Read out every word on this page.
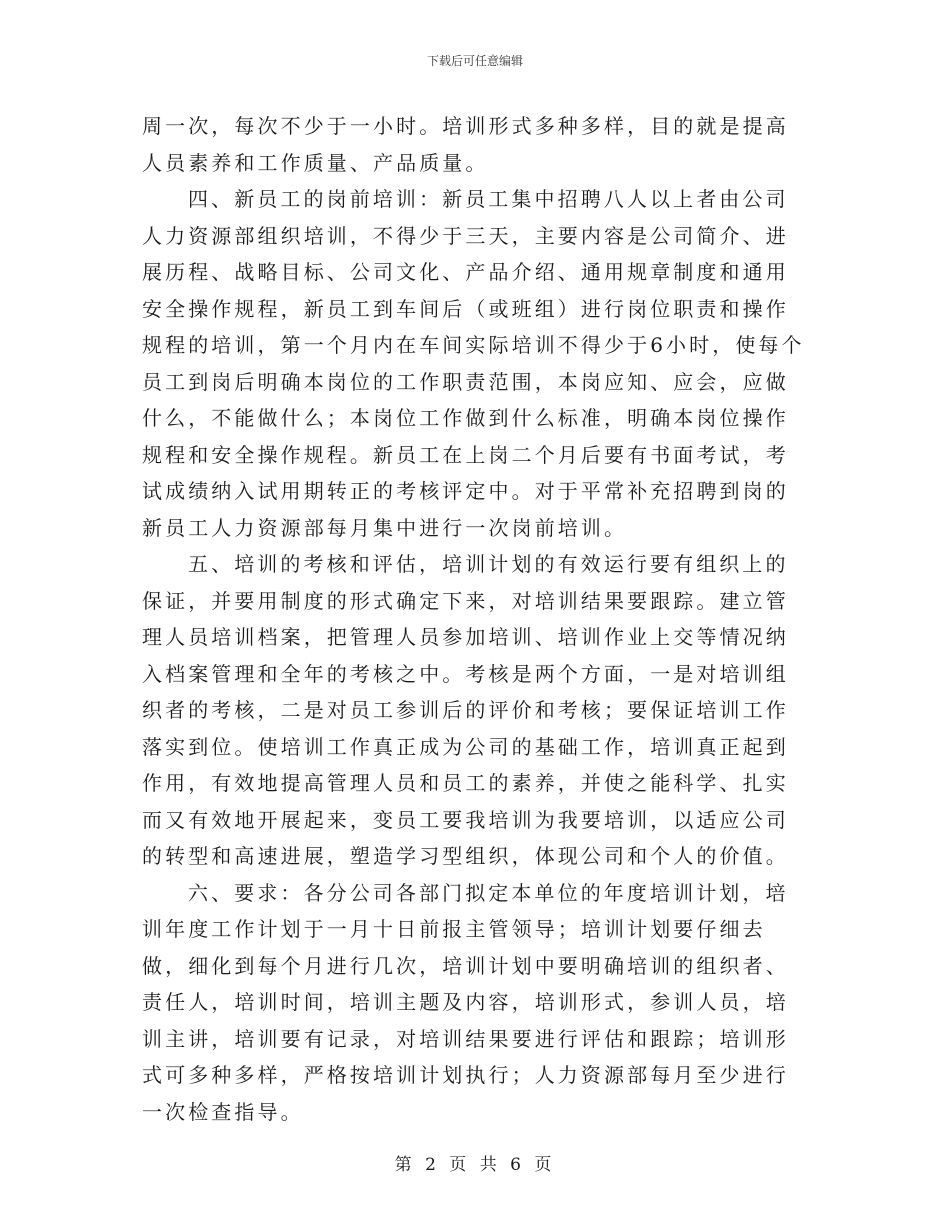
下载后可任意编辑

周一次，每次不少于一小时。培训形式多种多样，目的就是提高人员素养和工作质量、产品质量。

四、新员工的岗前培训：新员工集中招聘八人以上者由公司人力资源部组织培训，不得少于三天，主要内容是公司简介、进展历程、战略目标、公司文化、产品介绍、通用规章制度和通用安全操作规程，新员工到车间后（或班组）进行岗位职责和操作规程的培训，第一个月内在车间实际培训不得少于6小时，使每个员工到岗后明确本岗位的工作职责范围，本岗应知、应会，应做什么，不能做什么；本岗位工作做到什么标准，明确本岗位操作规程和安全操作规程。新员工在上岗二个月后要有书面考试，考试成绩纳入试用期转正的考核评定中。对于平常补充招聘到岗的新员工人力资源部每月集中进行一次岗前培训。

五、培训的考核和评估，培训计划的有效运行要有组织上的保证，并要用制度的形式确定下来，对培训结果要跟踪。建立管理人员培训档案，把管理人员参加培训、培训作业上交等情况纳入档案管理和全年的考核之中。考核是两个方面，一是对培训组织者的考核，二是对员工参训后的评价和考核；要保证培训工作落实到位。使培训工作真正成为公司的基础工作，培训真正起到作用，有效地提高管理人员和员工的素养，并使之能科学、扎实而又有效地开展起来，变员工要我培训为我要培训，以适应公司的转型和高速进展，塑造学习型组织，体现公司和个人的价值。

六、要求：各分公司各部门拟定本单位的年度培训计划，培训年度工作计划于一月十日前报主管领导；培训计划要仔细去做，细化到每个月进行几次，培训计划中要明确培训的组织者、责任人，培训时间，培训主题及内容，培训形式，参训人员，培训主讲，培训要有记录，对培训结果要进行评估和跟踪；培训形式可多种多样，严格按培训计划执行；人力资源部每月至少进行一次检查指导。

第 2 页 共 6 页
